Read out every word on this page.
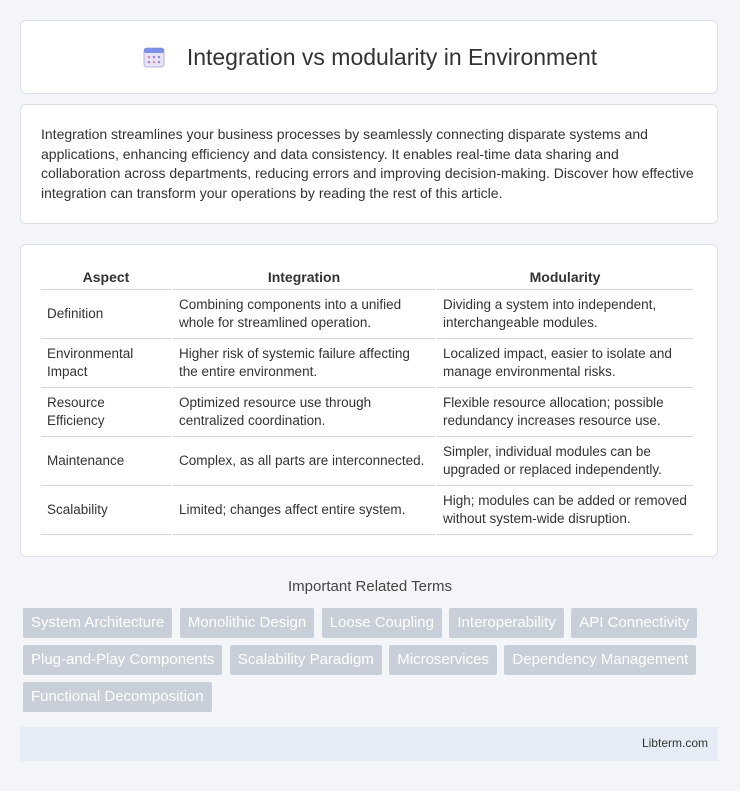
Integration vs modularity in Environment

Integration streamlines your business processes by seamlessly connecting disparate systems and applications, enhancing efficiency and data consistency. It enables real-time data sharing and collaboration across departments, reducing errors and improving decision-making. Discover how effective integration can transform your operations by reading the rest of this article.

Aspect	Integration	Modularity
Definition	Combining components into a unified whole for streamlined operation.	Dividing a system into independent, interchangeable modules.
Environmental Impact	Higher risk of systemic failure affecting the entire environment.	Localized impact, easier to isolate and manage environmental risks.
Resource Efficiency	Optimized resource use through centralized coordination.	Flexible resource allocation; possible redundancy increases resource use.
Maintenance	Complex, as all parts are interconnected.	Simpler, individual modules can be upgraded or replaced independently.
Scalability	Limited; changes affect entire system.	High; modules can be added or removed without system-wide disruption.
Important Related Terms
System Architecture Monolithic Design Loose Coupling Interoperability API Connectivity Plug-and-Play Components Scalability Paradigm Microservices Dependency Management Functional Decomposition
Libterm.com
